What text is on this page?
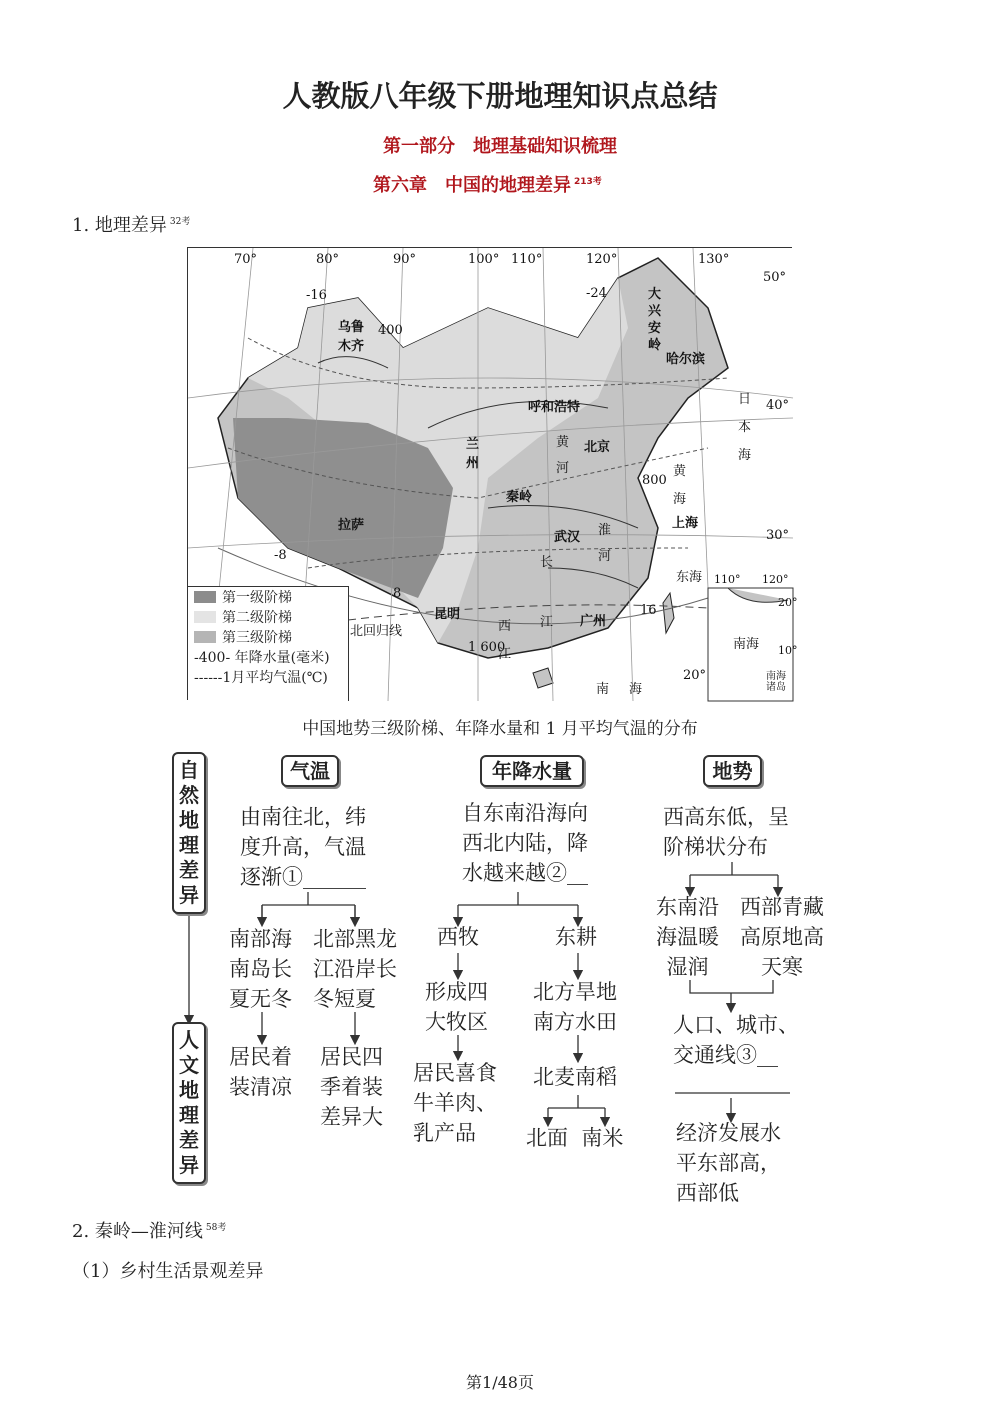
人教版八年级下册地理知识点总结
第一部分　地理基础知识梳理
第六章　中国的地理差异 $^{213考}$
1. 地理差异 $^{32考}$
70°	80°	90°	100° 110°	120°	130°
50°
40°
30°
20°
10°
乌鲁木齐
呼和浩特
兰州
北京
哈尔滨
拉萨
武汉
上海
昆明	广州
大兴安岭
秦岭
黄河
淮河
长江
西江
日本海
黄海
东海
南海
北回归线
南海诸岛
-16	-24
-8
8
16
400
800
1 600
20°
110° 120°
南海
第一级阶梯
第二级阶梯
第三级阶梯
-400- 年降水量(毫米)
------1月平均气温(℃)
中国地势三级阶梯、年降水量和 1 月平均气温的分布
自然地理差异
人文地理差异
气温
由南往北，纬
度升高，气温
逐渐①______
南部海
南岛长
夏无冬
北部黑龙
江沿岸长
冬短夏
居民着
装清凉
居民四
季着装
差异大
年降水量
自东南沿海向
西北内陆，降
水越来越②__
西牧	东耕
形成四
大牧区
北方旱地
南方水田
居民喜食
牛羊肉、
乳产品
北麦南稻
北面  南米
地势
西高东低，呈
阶梯状分布
东南沿
海温暖
湿润
西部青藏
高原地高
天寒
人口、城市、
交通线③__
经济发展水
平东部高，
西部低
2. 秦岭—淮河线 $^{58考}$
（1）乡村生活景观差异
第1/48页
